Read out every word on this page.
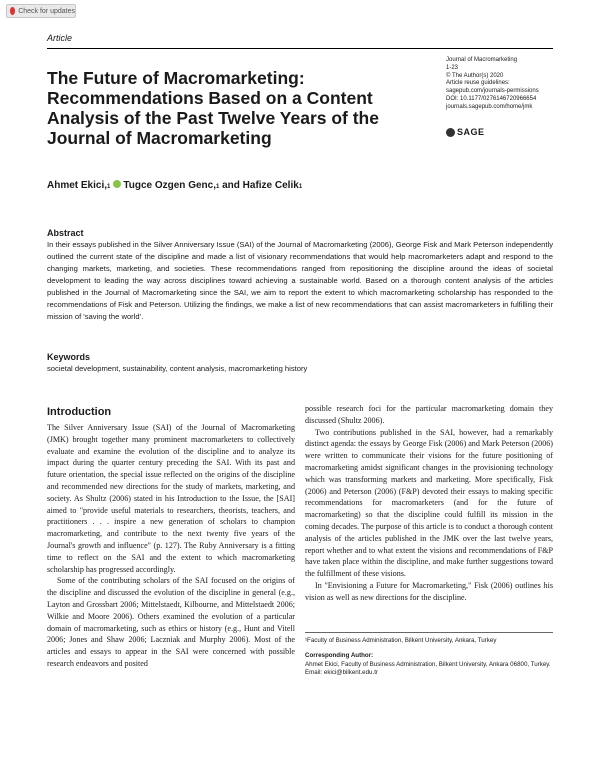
Check for updates
Article
The Future of Macromarketing: Recommendations Based on a Content Analysis of the Past Twelve Years of the Journal of Macromarketing
Journal of Macromarketing
1-23
© The Author(s) 2020
Article reuse guidelines:
sagepub.com/journals-permissions
DOI: 10.1177/0276146720966654
journals.sagepub.com/home/jmk
SAGE
Ahmet Ekici, 1 Tugce Ozgen Genc, 1
and Hafize Celik 1
Abstract
In their essays published in the Silver Anniversary Issue (SAI) of the Journal of Macromarketing (2006), George Fisk and Mark Peterson independently outlined the current state of the discipline and made a list of visionary recommendations that would help macromarketers adapt and respond to the changing markets, marketing, and societies. These recommendations ranged from repositioning the discipline around the ideas of societal development to leading the way across disciplines toward achieving a sustainable world. Based on a thorough content analysis of the articles published in the Journal of Macromarketing since the SAI, we aim to report the extent to which macromarketing scholarship has responded to the recommendations of Fisk and Peterson. Utilizing the findings, we make a list of new recommendations that can assist macromarketers in fulfilling their mission of 'saving the world'.
Keywords
societal development, sustainability, content analysis, macromarketing history
Introduction

The Silver Anniversary Issue (SAI) of the Journal of Macromarketing (JMK) brought together many prominent macromarketers to collectively evaluate and examine the evolution of the discipline and to analyze its impact during the quarter century preceding the SAI. With its past and future orientation, the special issue reflected on the origins of the discipline and recommended new directions for the study of markets, marketing, and society. As Shultz (2006) stated in his Introduction to the Issue, the [SAI] aimed to "provide useful materials to researchers, theorists, teachers, and practitioners . . . inspire a new generation of scholars to champion macromarketing, and contribute to the next twenty five years of the Journal's growth and influence" (p. 127). The Ruby Anniversary is a fitting time to reflect on the SAI and the extent to which macromarketing scholarship has progressed accordingly.

Some of the contributing scholars of the SAI focused on the origins of the discipline and discussed the evolution of the discipline in general (e.g., Layton and Grossbart 2006; Mittelstaedt, Kilbourne, and Mittelstaedt 2006; Wilkie and Moore 2006). Others examined the evolution of a particular domain of macromarketing, such as ethics or history (e.g., Hunt and Vitell 2006; Jones and Shaw 2006; Laczniak and Murphy 2006). Most of the articles and essays to appear in the SAI were concerned with possible research endeavors and posited

possible research foci for the particular macromarketing domain they discussed (Shultz 2006).

Two contributions published in the SAI, however, had a remarkably distinct agenda: the essays by George Fisk (2006) and Mark Peterson (2006) were written to communicate their visions for the future positioning of macromarketing amidst significant changes in the provisioning technology which was transforming markets and marketing. More specifically, Fisk (2006) and Peterson (2006) (F&P) devoted their essays to making specific recommendations for macromarketers (and for the future of macromarketing) so that the discipline could fulfill its mission in the coming decades. The purpose of this article is to conduct a thorough content analysis of the articles published in the JMK over the last twelve years, report whether and to what extent the visions and recommendations of F&P have taken place within the discipline, and make further suggestions toward the fulfillment of these visions.

In "Envisioning a Future for Macromarketing," Fisk (2006) outlines his vision as well as new directions for the discipline.

¹Faculty of Business Administration, Bilkent University, Ankara, Turkey
Corresponding Author:
Ahmet Ekici, Faculty of Business Administration, Bilkent University, Ankara 06800, Turkey.
Email: ekici@bilkent.edu.tr
